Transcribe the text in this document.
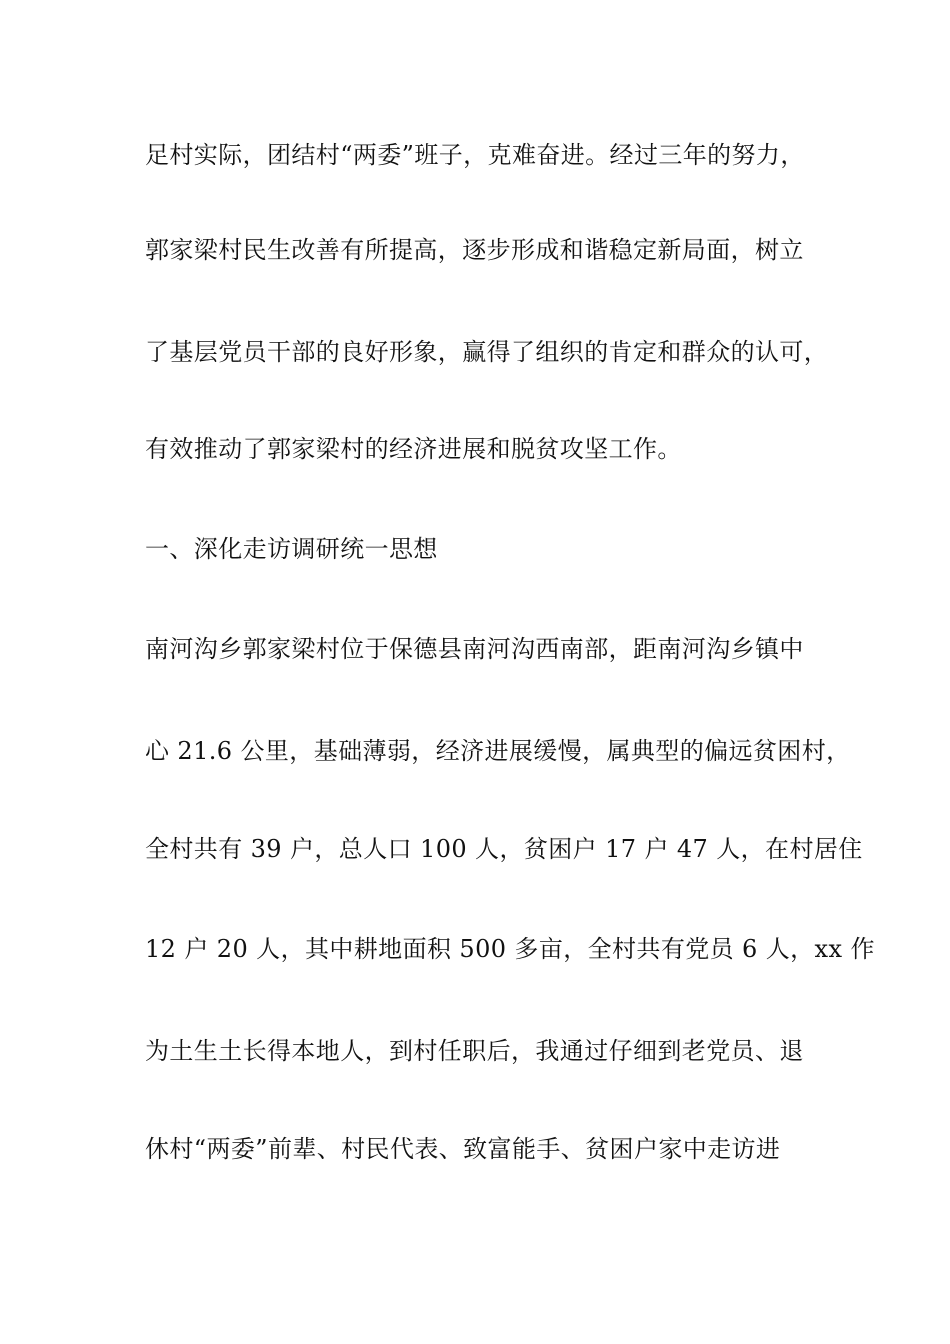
足村实际，团结村“两委”班子，克难奋进。经过三年的努力，
郭家梁村民生改善有所提高，逐步形成和谐稳定新局面，树立
了基层党员干部的良好形象，赢得了组织的肯定和群众的认可，
有效推动了郭家梁村的经济进展和脱贫攻坚工作。
一、深化走访调研统一思想
南河沟乡郭家梁村位于保德县南河沟西南部，距南河沟乡镇中
心 21.6 公里，基础薄弱，经济进展缓慢，属典型的偏远贫困村，
全村共有 39 户，总人口 100 人，贫困户 17 户 47 人，在村居住
12 户 20 人，其中耕地面积 500 多亩，全村共有党员 6 人，xx 作
为土生土长得本地人，到村任职后，我通过仔细到老党员、退
休村“两委”前辈、村民代表、致富能手、贫困户家中走访进
